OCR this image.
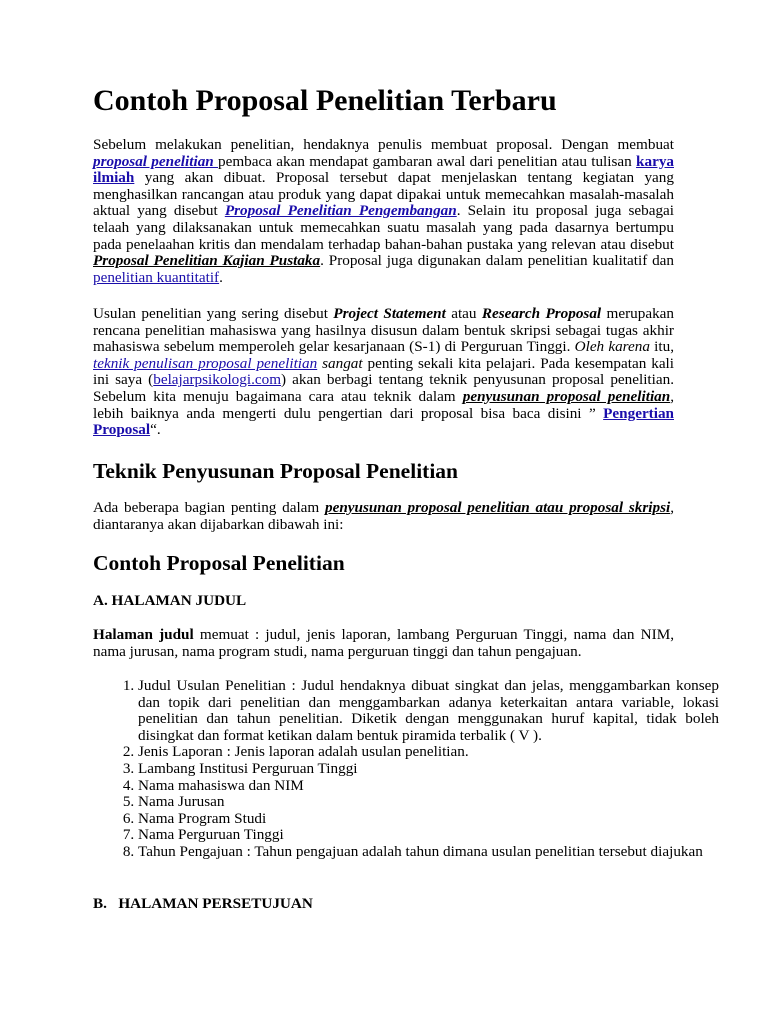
Contoh Proposal Penelitian Terbaru

Sebelum melakukan penelitian, hendaknya penulis membuat proposal. Dengan membuat proposal penelitian pembaca akan mendapat gambaran awal dari penelitian atau tulisan karya ilmiah yang akan dibuat. Proposal tersebut dapat menjelaskan tentang kegiatan yang menghasilkan rancangan atau produk yang dapat dipakai untuk memecahkan masalah-masalah aktual yang disebut Proposal Penelitian Pengembangan. Selain itu proposal juga sebagai telaah yang dilaksanakan untuk memecahkan suatu masalah yang pada dasarnya bertumpu pada penelaahan kritis dan mendalam terhadap bahan-bahan pustaka yang relevan atau disebut Proposal Penelitian Kajian Pustaka. Proposal juga digunakan dalam penelitian kualitatif dan penelitian kuantitatif.

Usulan penelitian yang sering disebut Project Statement atau Research Proposal merupakan rencana penelitian mahasiswa yang hasilnya disusun dalam bentuk skripsi sebagai tugas akhir mahasiswa sebelum memperoleh gelar kesarjanaan (S-1) di Perguruan Tinggi. Oleh karena itu, teknik penulisan proposal penelitian sangat penting sekali kita pelajari. Pada kesempatan kali ini saya (belajarpsikologi.com) akan berbagi tentang teknik penyusunan proposal penelitian. Sebelum kita menuju bagaimana cara atau teknik dalam penyusunan proposal penelitian, lebih baiknya anda mengerti dulu pengertian dari proposal bisa baca disini ” Pengertian Proposal“.

Teknik Penyusunan Proposal Penelitian

Ada beberapa bagian penting dalam penyusunan proposal penelitian atau proposal skripsi, diantaranya akan dijabarkan dibawah ini:

Contoh Proposal Penelitian

A. HALAMAN JUDUL

Halaman judul memuat : judul, jenis laporan, lambang Perguruan Tinggi, nama dan NIM, nama jurusan, nama program studi, nama perguruan tinggi dan tahun pengajuan.

1. Judul Usulan Penelitian : Judul hendaknya dibuat singkat dan jelas, menggambarkan konsep dan topik dari penelitian dan menggambarkan adanya keterkaitan antara variable, lokasi penelitian dan tahun penelitian. Diketik dengan menggunakan huruf kapital, tidak boleh disingkat dan format ketikan dalam bentuk piramida terbalik ( V ).
2. Jenis Laporan : Jenis laporan adalah usulan penelitian.
3. Lambang Institusi Perguruan Tinggi
4. Nama mahasiswa dan NIM
5. Nama Jurusan
6. Nama Program Studi
7. Nama Perguruan Tinggi
8. Tahun Pengajuan : Tahun pengajuan adalah tahun dimana usulan penelitian tersebut diajukan

B.   HALAMAN PERSETUJUAN
